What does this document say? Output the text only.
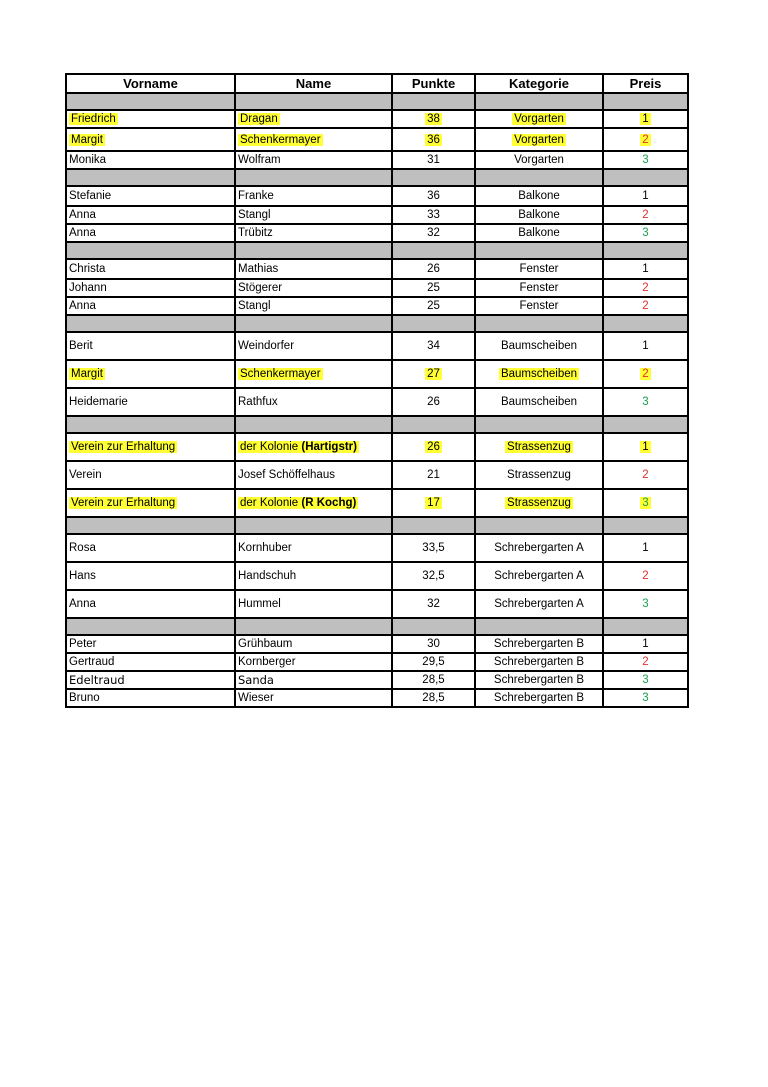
Vorname	Name	Punkte	Kategorie	Preis

Friedrich	Dragan	38	Vorgarten	1
Margit	Schenkermayer	36	Vorgarten	2
Monika	Wolfram	31	Vorgarten	3

Stefanie	Franke	36	Balkone	1
Anna	Stangl	33	Balkone	2
Anna	Trübitz	32	Balkone	3

Christa	Mathias	26	Fenster	1
Johann	Stögerer	25	Fenster	2
Anna	Stangl	25	Fenster	2

Berit	Weindorfer	34	Baumscheiben	1
Margit	Schenkermayer	27	Baumscheiben	2
Heidemarie	Rathfux	26	Baumscheiben	3

Verein zur Erhaltung	der Kolonie (Hartigstr)	26	Strassenzug	1
Verein	Josef Schöffelhaus	21	Strassenzug	2
Verein zur Erhaltung	der Kolonie (R Kochg)	17	Strassenzug	3

Rosa	Kornhuber	33,5	Schrebergarten A	1
Hans	Handschuh	32,5	Schrebergarten A	2
Anna	Hummel	32	Schrebergarten A	3

Peter	Grühbaum	30	Schrebergarten B	1
Gertraud	Kornberger	29,5	Schrebergarten B	2
Edeltraud	Sanda	28,5	Schrebergarten B	3
Bruno	Wieser	28,5	Schrebergarten B	3
